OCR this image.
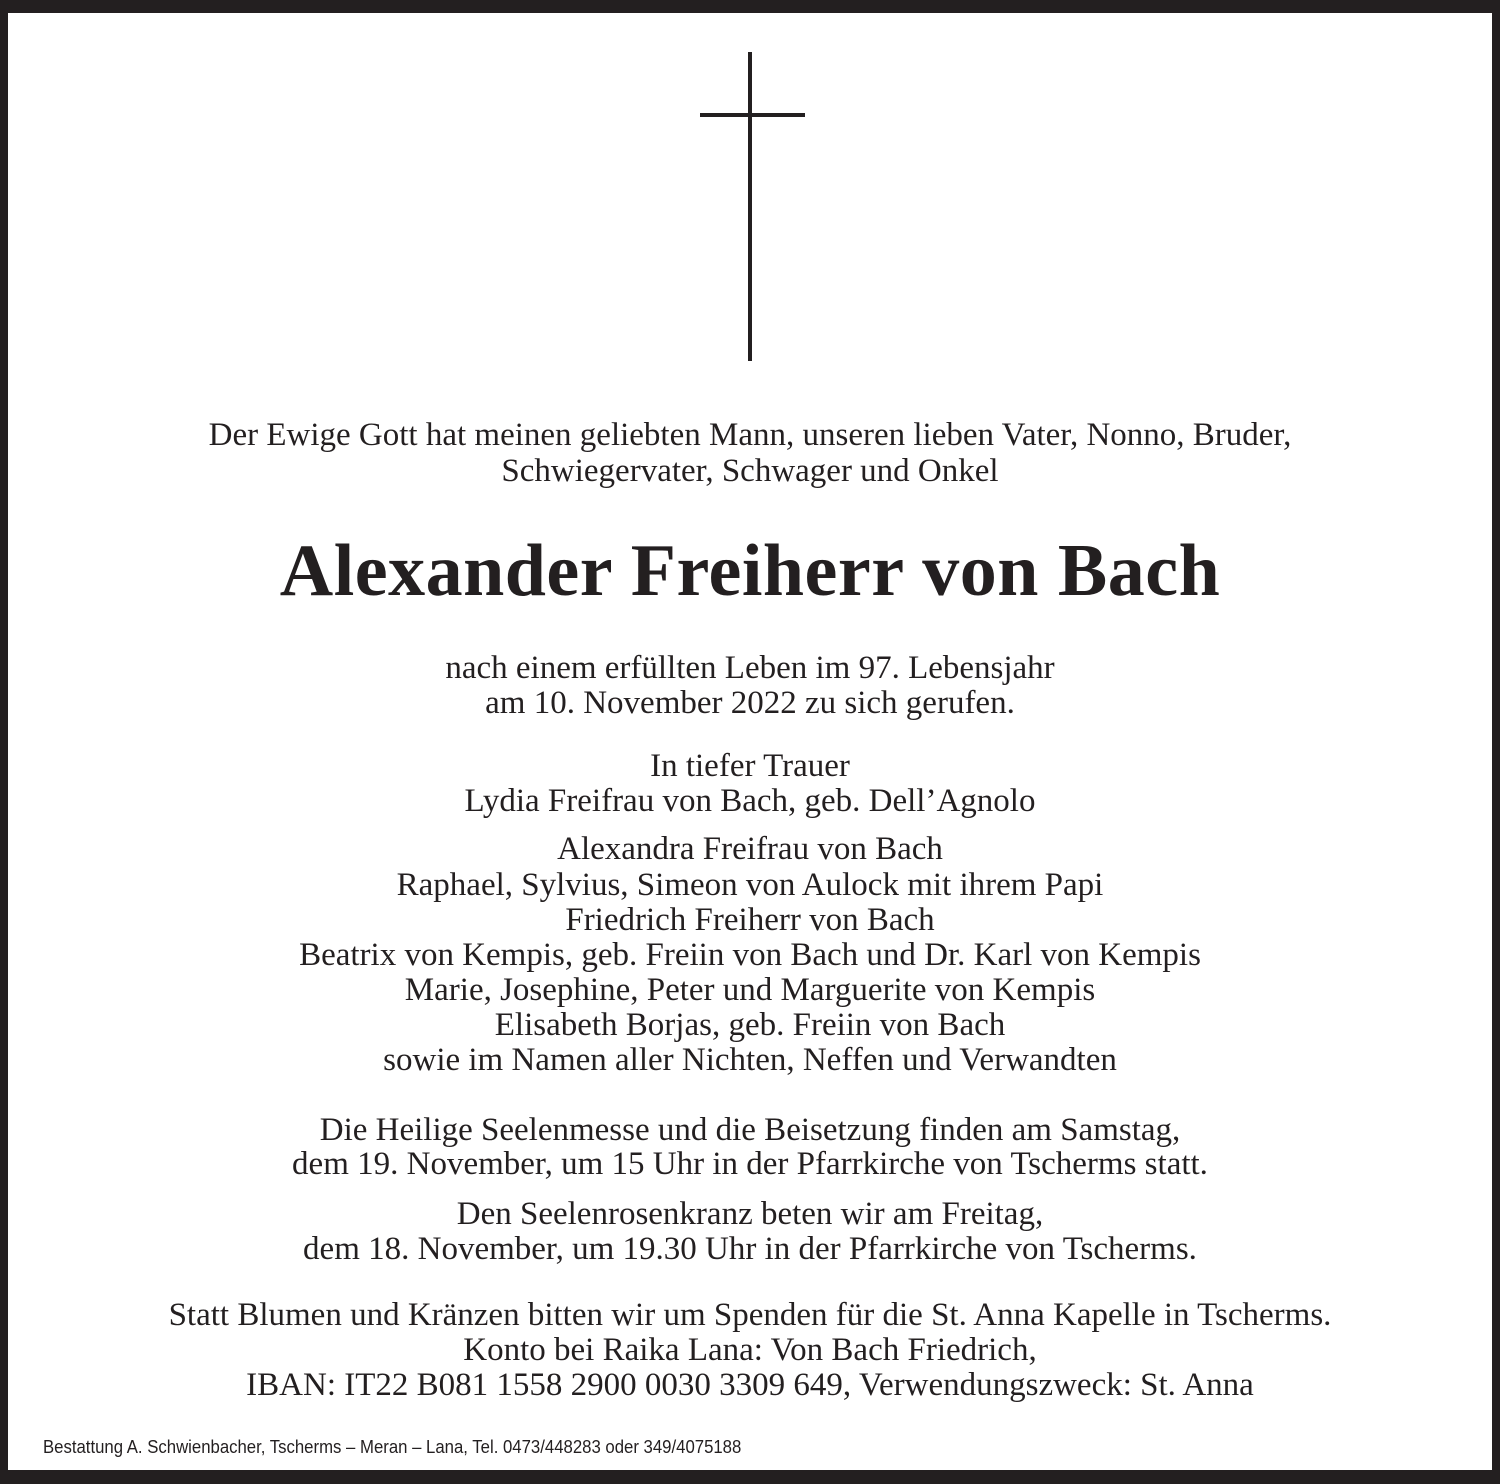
Der Ewige Gott hat meinen geliebten Mann, unseren lieben Vater, Nonno, Bruder,
Schwiegervater, Schwager und Onkel
Alexander Freiherr von Bach
nach einem erfüllten Leben im 97. Lebensjahr
am 10. November 2022 zu sich gerufen.
In tiefer Trauer
Lydia Freifrau von Bach, geb. Dell’Agnolo
Alexandra Freifrau von Bach
Raphael, Sylvius, Simeon von Aulock mit ihrem Papi
Friedrich Freiherr von Bach
Beatrix von Kempis, geb. Freiin von Bach und Dr. Karl von Kempis
Marie, Josephine, Peter und Marguerite von Kempis
Elisabeth Borjas, geb. Freiin von Bach
sowie im Namen aller Nichten, Neffen und Verwandten
Die Heilige Seelenmesse und die Beisetzung finden am Samstag,
dem 19. November, um 15 Uhr in der Pfarrkirche von Tscherms statt.
Den Seelenrosenkranz beten wir am Freitag,
dem 18. November, um 19.30 Uhr in der Pfarrkirche von Tscherms.
Statt Blumen und Kränzen bitten wir um Spenden für die St. Anna Kapelle in Tscherms.
Konto bei Raika Lana: Von Bach Friedrich,
IBAN: IT22 B081 1558 2900 0030 3309 649, Verwendungszweck: St. Anna
Bestattung A. Schwienbacher, Tscherms – Meran – Lana, Tel. 0473/448283 oder 349/4075188
